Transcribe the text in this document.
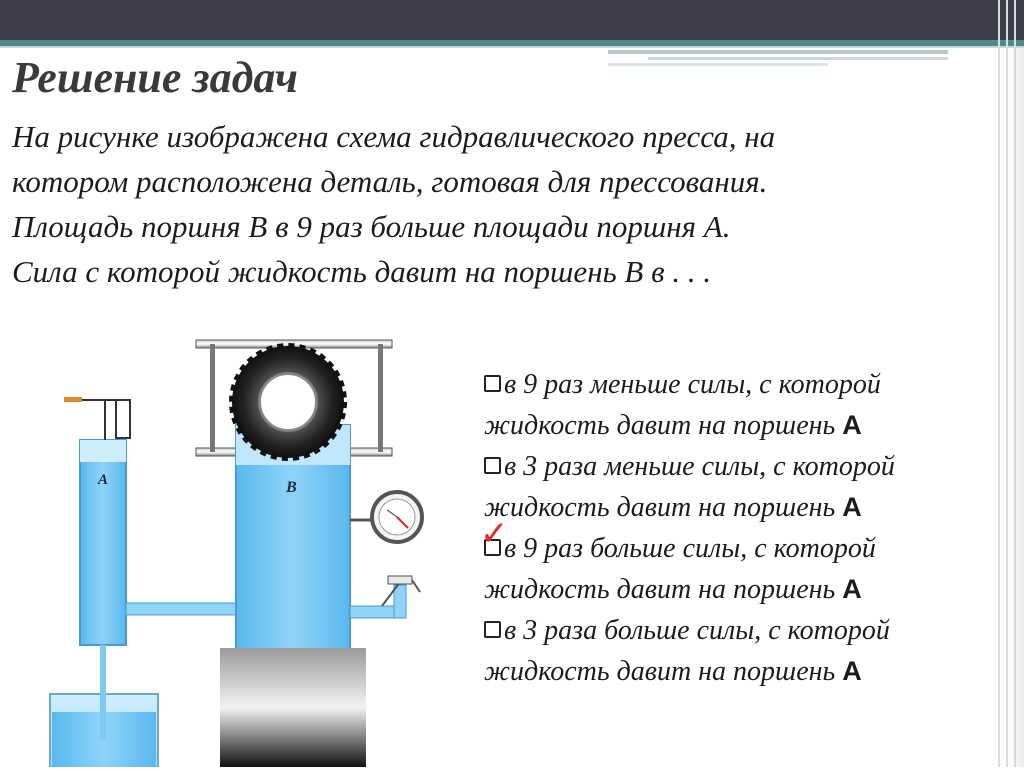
Решение задач
На рисунке изображена схема гидравлического пресса, на
котором расположена деталь, готовая для прессования.
Площадь поршня В в 9 раз больше площади поршня А.
Сила с которой жидкость давит на поршень В в . . .
A	B
в 9 раз меньше силы, с которой
жидкость давит на поршень А
в 3 раза меньше силы, с которой
жидкость давит на поршень А
✓
в 9 раз больше силы, с которой
жидкость давит на поршень А
в 3 раза больше силы, с которой
жидкость давит на поршень А
